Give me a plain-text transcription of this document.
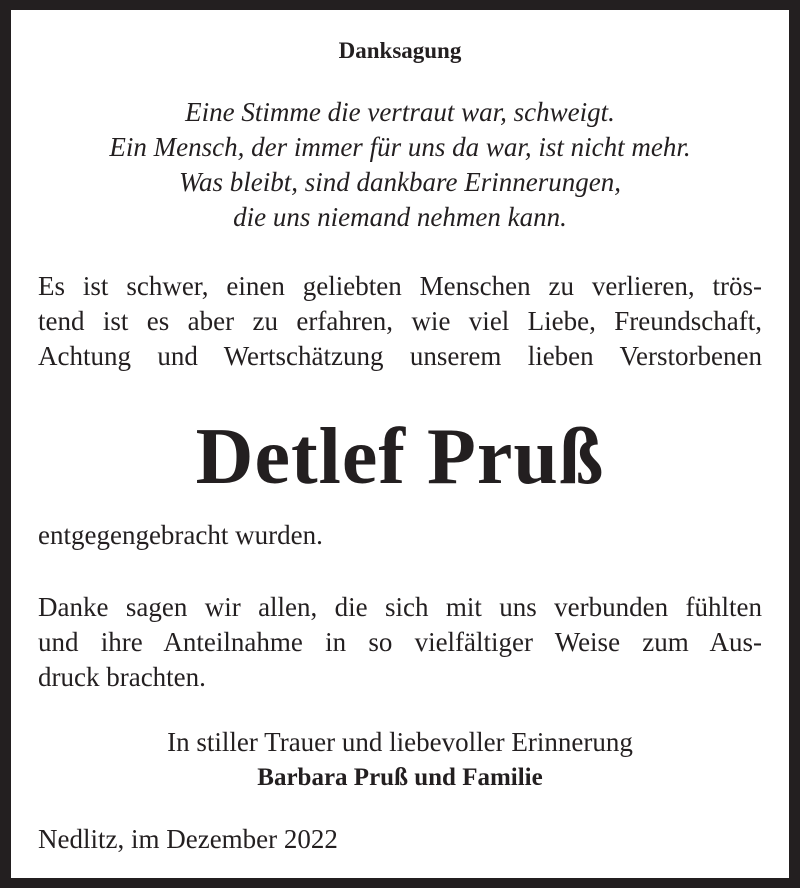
Danksagung
Eine Stimme die vertraut war, schweigt.
Ein Mensch, der immer für uns da war, ist nicht mehr.
Was bleibt, sind dankbare Erinnerungen,
die uns niemand nehmen kann.
Es ist schwer, einen geliebten Menschen zu verlieren, trös-
tend ist es aber zu erfahren, wie viel Liebe, Freundschaft,
Achtung und Wertschätzung unserem lieben Verstorbenen
Detlef Pruß
entgegengebracht wurden.
Danke sagen wir allen, die sich mit uns verbunden fühlten
und ihre Anteilnahme in so vielfältiger Weise zum Aus-
druck brachten.
In stiller Trauer und liebevoller Erinnerung
Barbara Pruß und Familie
Nedlitz, im Dezember 2022
